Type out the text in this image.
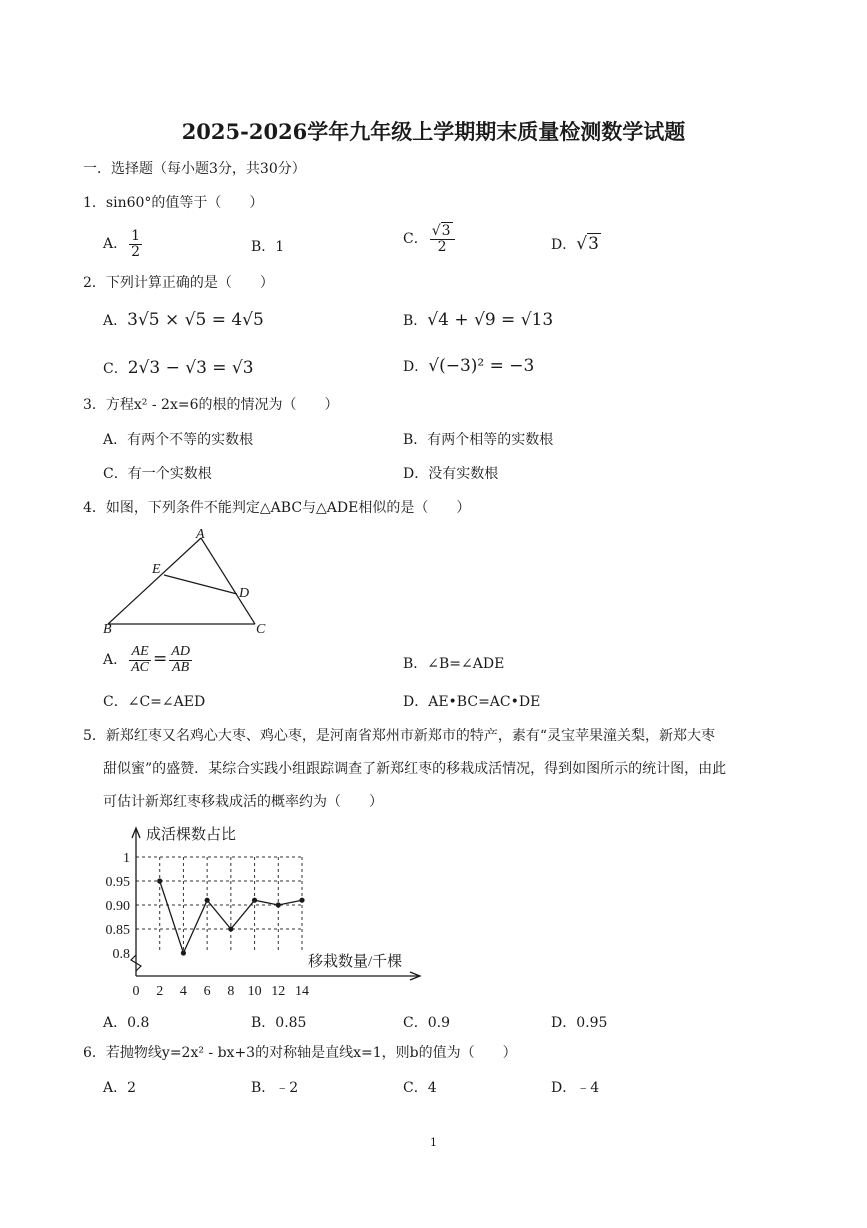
2025-2026学年九年级上学期期末质量检测数学试题
一．选择题（每小题3分，共30分）
1．sin60°的值等于（　　）
A． $\frac{1}{2}$	B．1	C． $\frac{√3}{2}$	D．√3
2．下列计算正确的是（　　）
A．3√5 × √5 = 4√5	B．√4 + √9 = √13
C．2√3 − √3 = √3	D．√(−3)² = −3
3．方程x² - 2x=6的根的情况为（　　）
A．有两个不等的实数根	B．有两个相等的实数根
C．有一个实数根	D．没有实数根
4．如图，下列条件不能判定△ABC与△ADE相似的是（　　）
A
B	C
D
E
A． $\frac{AE}{AC} = \frac{AD}{AB}$	B．∠B=∠ADE
C．∠C=∠AED	D．AE•BC=AC•DE
5．新郑红枣又名鸡心大枣、鸡心枣，是河南省郑州市新郑市的特产，素有“灵宝苹果潼关梨，新郑大枣
甜似蜜”的盛赞．某综合实践小组跟踪调查了新郑红枣的移栽成活情况，得到如图所示的统计图，由此
可估计新郑红枣移栽成活的概率约为（　　）
0.8
0.85
0.90
0.95
1
0 2 4 6 8 10 12 14
成活棵数占比
移栽数量/千棵
A．0.8	B．0.85	C．0.9	D．0.95
6．若抛物线y=2x² - bx+3的对称轴是直线x=1，则b的值为（　　）
A．2	B．﹣2	C．4	D．﹣4
1
